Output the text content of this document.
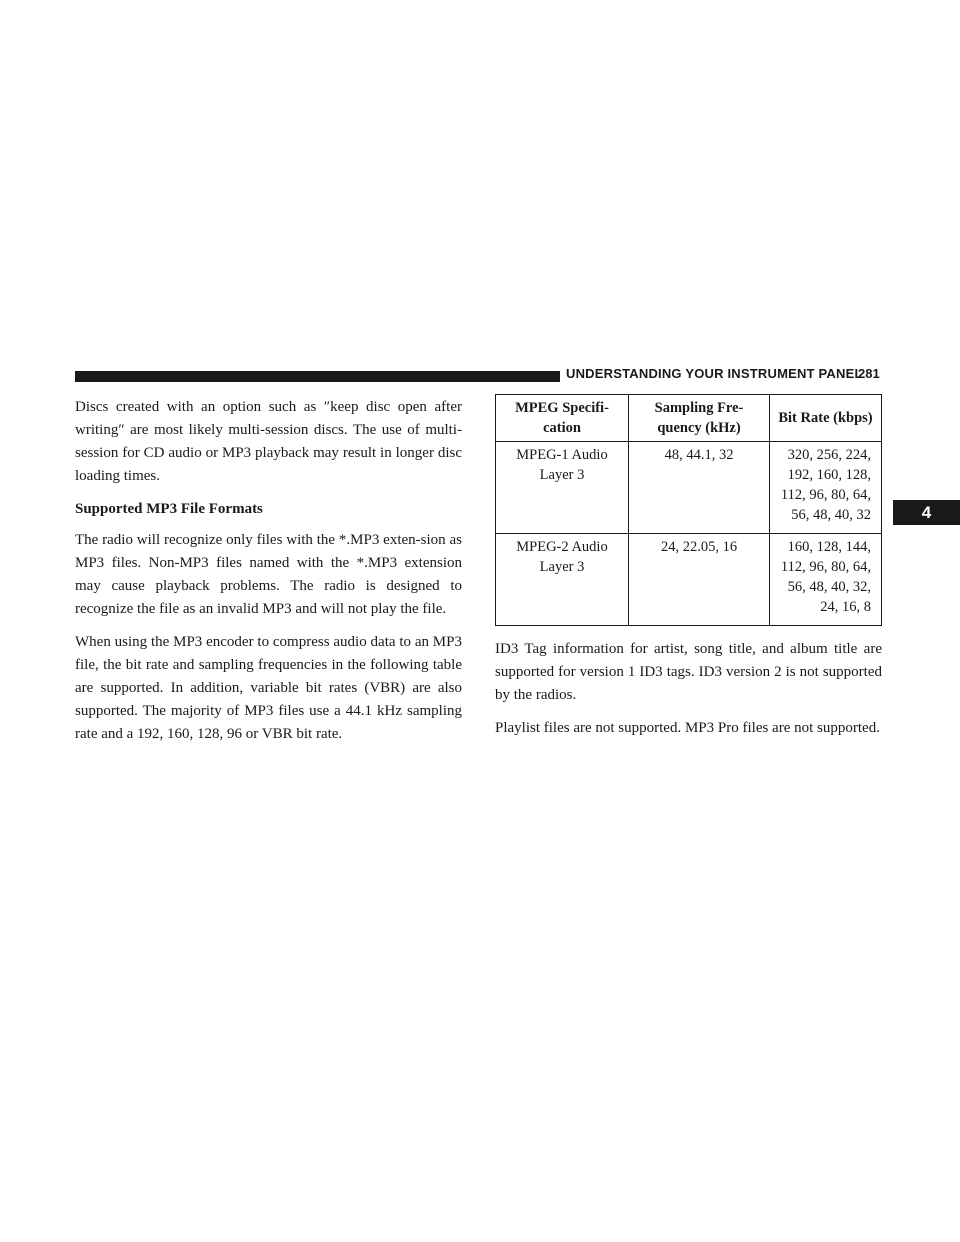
UNDERSTANDING YOUR INSTRUMENT PANEL
281
4

Discs created with an option such as ″keep disc open after writing″ are most likely multi-session discs. The use of multi-session for CD audio or MP3 playback may result in longer disc loading times.

Supported MP3 File Formats

The radio will recognize only files with the *.MP3 exten-sion as MP3 files. Non-MP3 files named with the *.MP3 extension may cause playback problems. The radio is designed to recognize the file as an invalid MP3 and will not play the file.

When using the MP3 encoder to compress audio data to an MP3 file, the bit rate and sampling frequencies in the following table are supported. In addition, variable bit rates (VBR) are also supported. The majority of MP3 files use a 44.1 kHz sampling rate and a 192, 160, 128, 96 or VBR bit rate.

MPEG Specifi-cation	Sampling Fre-quency (kHz)	Bit Rate (kbps)
MPEG-1 Audio Layer 3	48, 44.1, 32	320, 256, 224, 192, 160, 128, 112, 96, 80, 64, 56, 48, 40, 32
MPEG-2 Audio Layer 3	24, 22.05, 16	160, 128, 144, 112, 96, 80, 64, 56, 48, 40, 32, 24, 16, 8

ID3 Tag information for artist, song title, and album title are supported for version 1 ID3 tags. ID3 version 2 is not supported by the radios.

Playlist files are not supported. MP3 Pro files are not supported.
